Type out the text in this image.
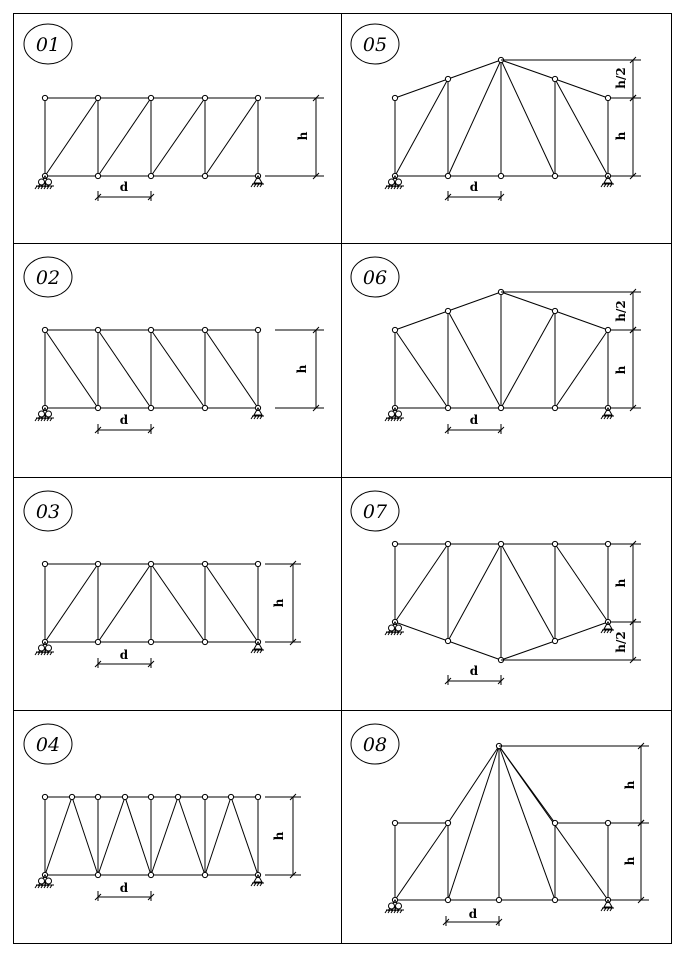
01	05
02	06
03	07
04	08
d	d
d	d
d
d
d
d
h	h
h/2
h	h
h/2
h
h
h/2
h
h
h
